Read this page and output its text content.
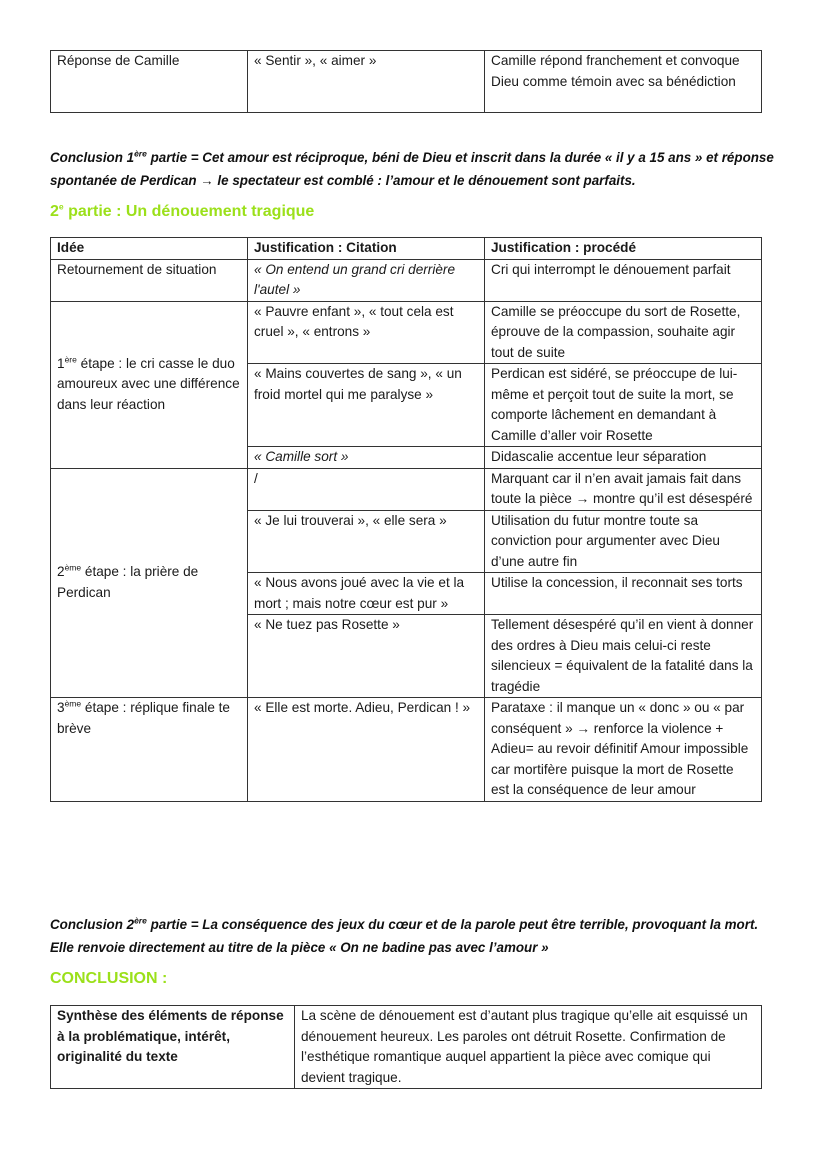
Réponse de Camille	« Sentir », « aimer »	Camille répond franchement et convoque Dieu comme témoin avec sa bénédiction
Conclusion 1ère partie = Cet amour est réciproque, béni de Dieu et inscrit dans la durée « il y a 15 ans » et réponse spontanée de Perdican → le spectateur est comblé : l’amour et le dénouement sont parfaits.
2e partie : Un dénouement tragique
Idée	Justification : Citation	Justification : procédé
Retournement de situation	« On entend un grand cri derrière l'autel »	Cri qui interrompt le dénouement parfait
1ère étape : le cri casse le duo amoureux avec une différence dans leur réaction	« Pauvre enfant », « tout cela est cruel », « entrons »	Camille se préoccupe du sort de Rosette, éprouve de la compassion, souhaite agir tout de suite
	« Mains couvertes de sang », « un froid mortel qui me paralyse »	Perdican est sidéré, se préoccupe de lui-même et perçoit tout de suite la mort, se comporte lâchement en demandant à Camille d’aller voir Rosette
	« Camille sort »	Didascalie accentue leur séparation
2ème étape : la prière de Perdican	/	Marquant car il n’en avait jamais fait dans toute la pièce → montre qu’il est désespéré
	« Je lui trouverai », « elle sera »	Utilisation du futur montre toute sa conviction pour argumenter avec Dieu d’une autre fin
	« Nous avons joué avec la vie et la mort ; mais notre cœur est pur »	Utilise la concession, il reconnait ses torts
	« Ne tuez pas Rosette »	Tellement désespéré qu’il en vient à donner des ordres à Dieu mais celui-ci reste silencieux = équivalent de la fatalité dans la tragédie
3ème étape : réplique finale te brève	« Elle est morte. Adieu, Perdican ! »	Parataxe : il manque un « donc » ou « par conséquent » → renforce la violence + Adieu= au revoir définitif Amour impossible car mortifère puisque la mort de Rosette est la conséquence de leur amour
Conclusion 2ère partie = La conséquence des jeux du cœur et de la parole peut être terrible, provoquant la mort. Elle renvoie directement au titre de la pièce « On ne badine pas avec l’amour »
CONCLUSION :
Synthèse des éléments de réponse à la problématique, intérêt, originalité du texte	La scène de dénouement est d’autant plus tragique qu’elle ait esquissé un dénouement heureux. Les paroles ont détruit Rosette. Confirmation de l’esthétique romantique auquel appartient la pièce avec comique qui devient tragique.
